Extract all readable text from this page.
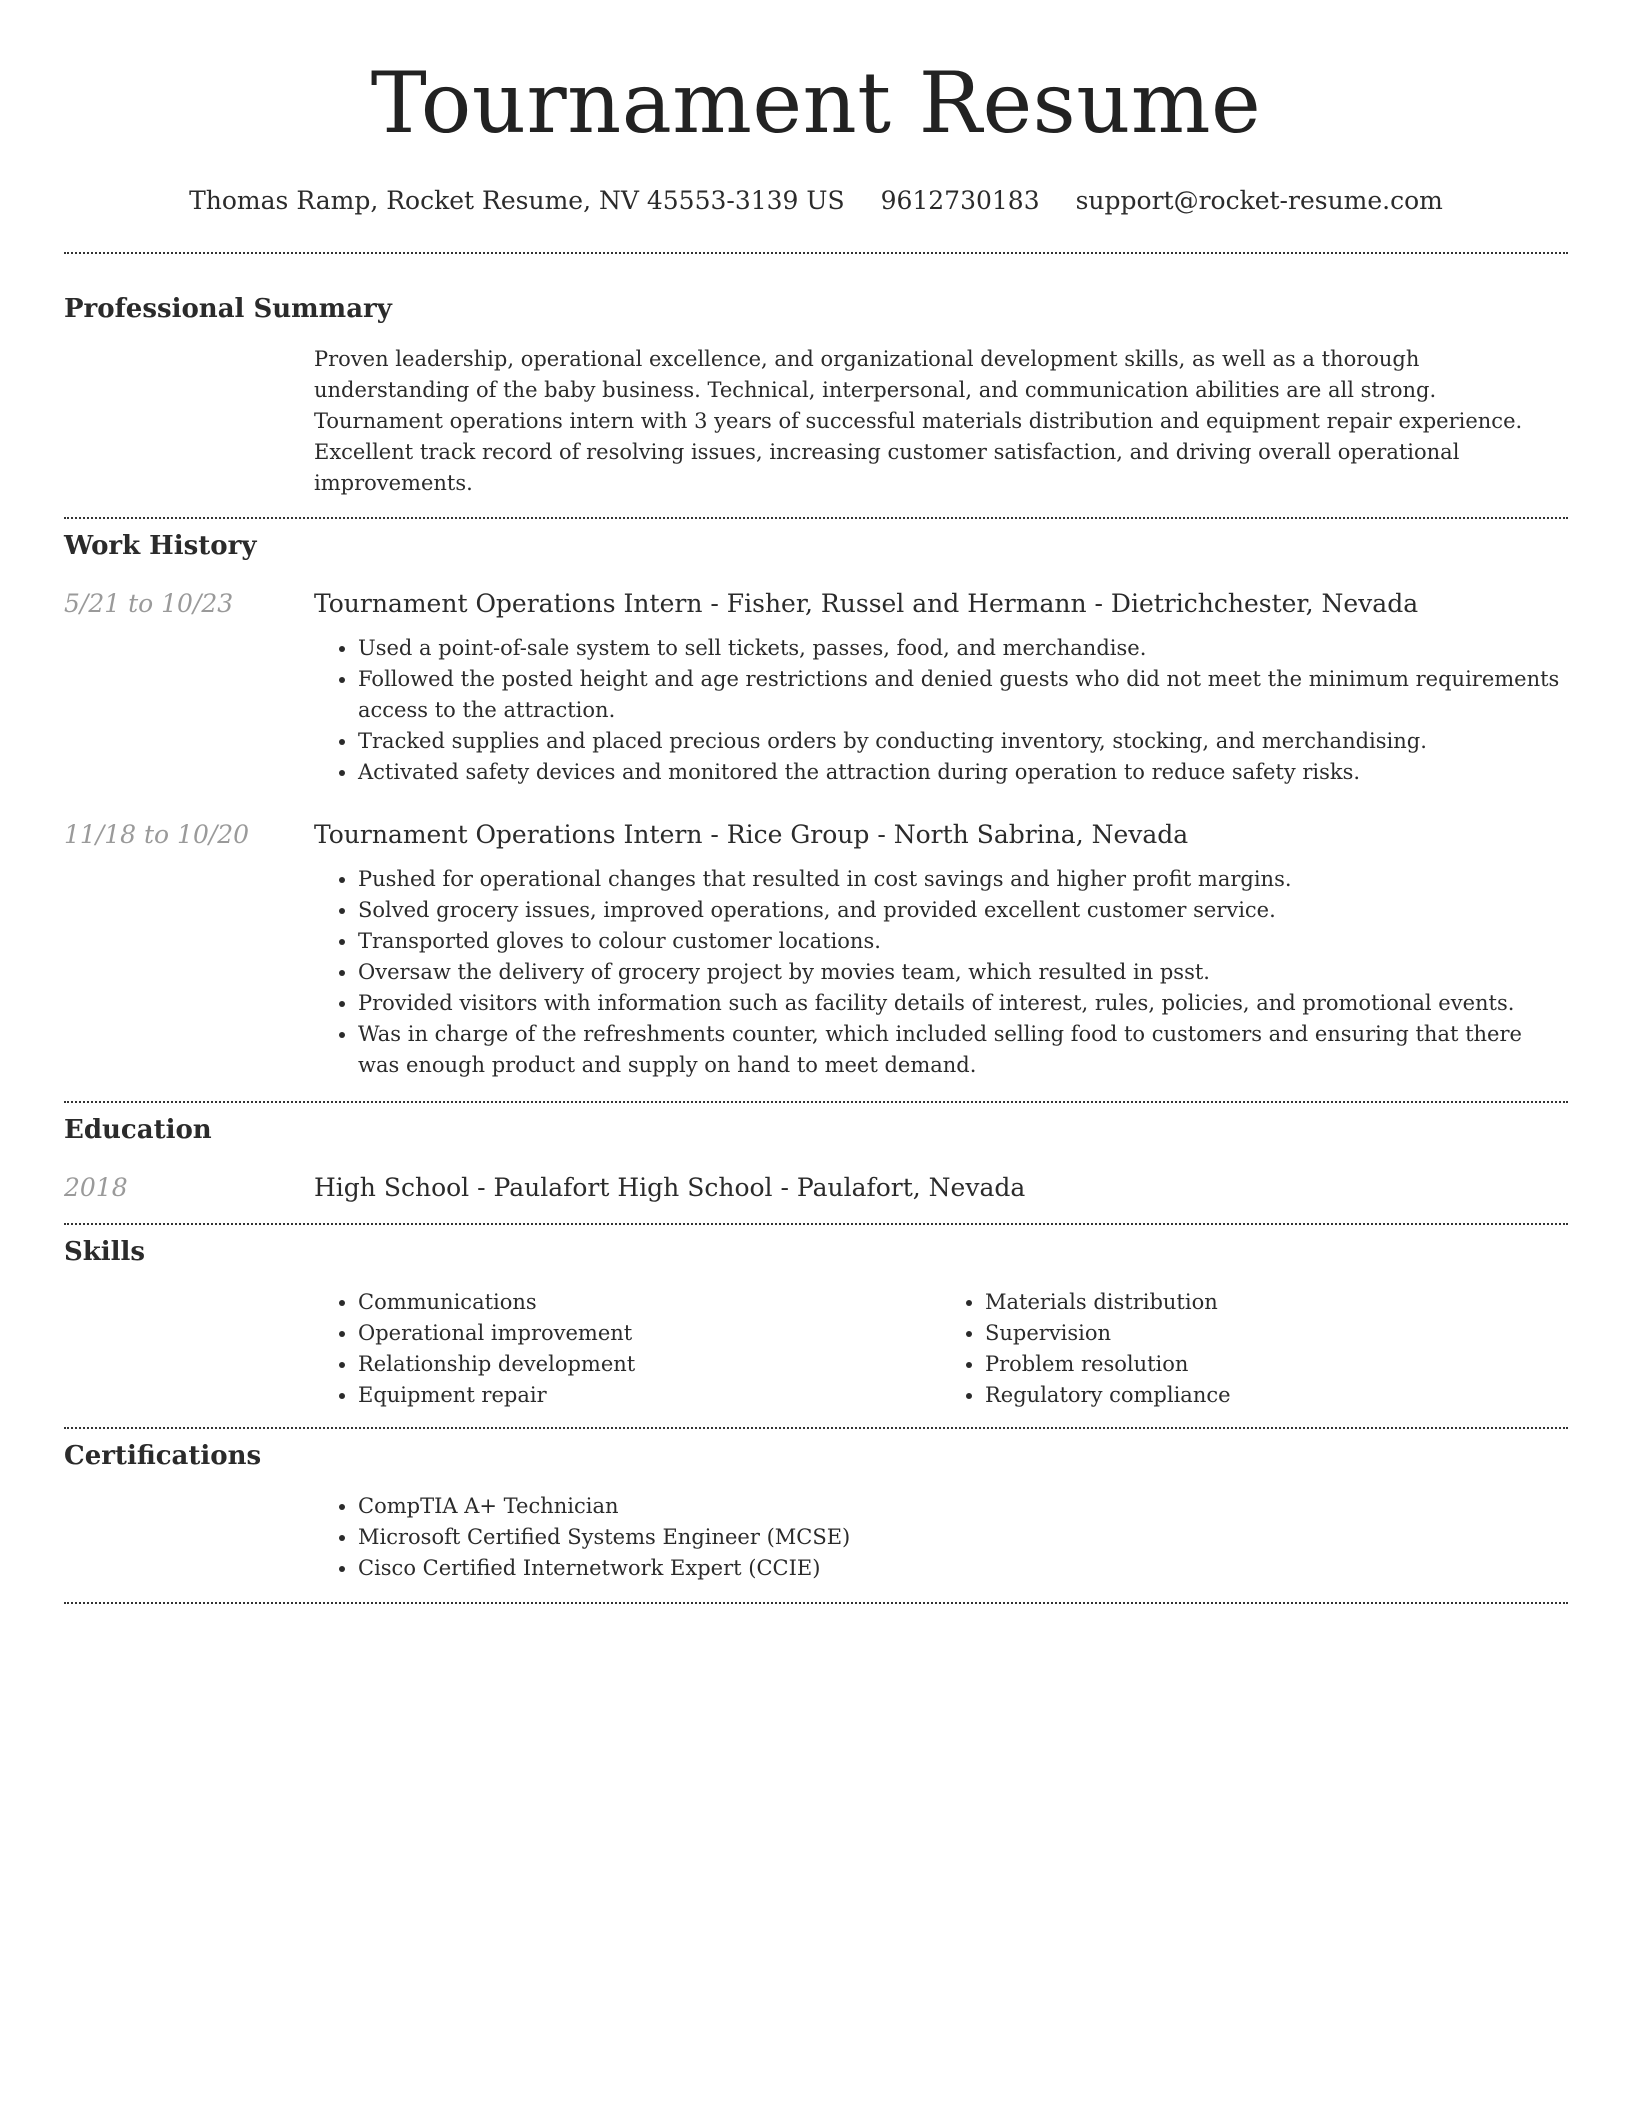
Tournament Resume
Thomas Ramp, Rocket Resume, NV 45553-3139 US 9612730183 support@rocket-resume.com
Professional Summary
Proven leadership, operational excellence, and organizational development skills, as well as a thorough understanding of the baby business. Technical, interpersonal, and communication abilities are all strong. Tournament operations intern with 3 years of successful materials distribution and equipment repair experience. Excellent track record of resolving issues, increasing customer satisfaction, and driving overall operational improvements.
Work History
5/21 to 10/23	Tournament Operations Intern - Fisher, Russel and Hermann - Dietrichchester, Nevada
• Used a point-of-sale system to sell tickets, passes, food, and merchandise.
• Followed the posted height and age restrictions and denied guests who did not meet the minimum requirements access to the attraction.
• Tracked supplies and placed precious orders by conducting inventory, stocking, and merchandising.
• Activated safety devices and monitored the attraction during operation to reduce safety risks.
11/18 to 10/20	Tournament Operations Intern - Rice Group - North Sabrina, Nevada
• Pushed for operational changes that resulted in cost savings and higher profit margins.
• Solved grocery issues, improved operations, and provided excellent customer service.
• Transported gloves to colour customer locations.
• Oversaw the delivery of grocery project by movies team, which resulted in psst.
• Provided visitors with information such as facility details of interest, rules, policies, and promotional events.
• Was in charge of the refreshments counter, which included selling food to customers and ensuring that there was enough product and supply on hand to meet demand.
Education
2018	High School - Paulafort High School - Paulafort, Nevada
Skills
• Communications
• Operational improvement
• Relationship development
• Equipment repair
• Materials distribution
• Supervision
• Problem resolution
• Regulatory compliance
Certifications
• CompTIA A+ Technician
• Microsoft Certified Systems Engineer (MCSE)
• Cisco Certified Internetwork Expert (CCIE)
